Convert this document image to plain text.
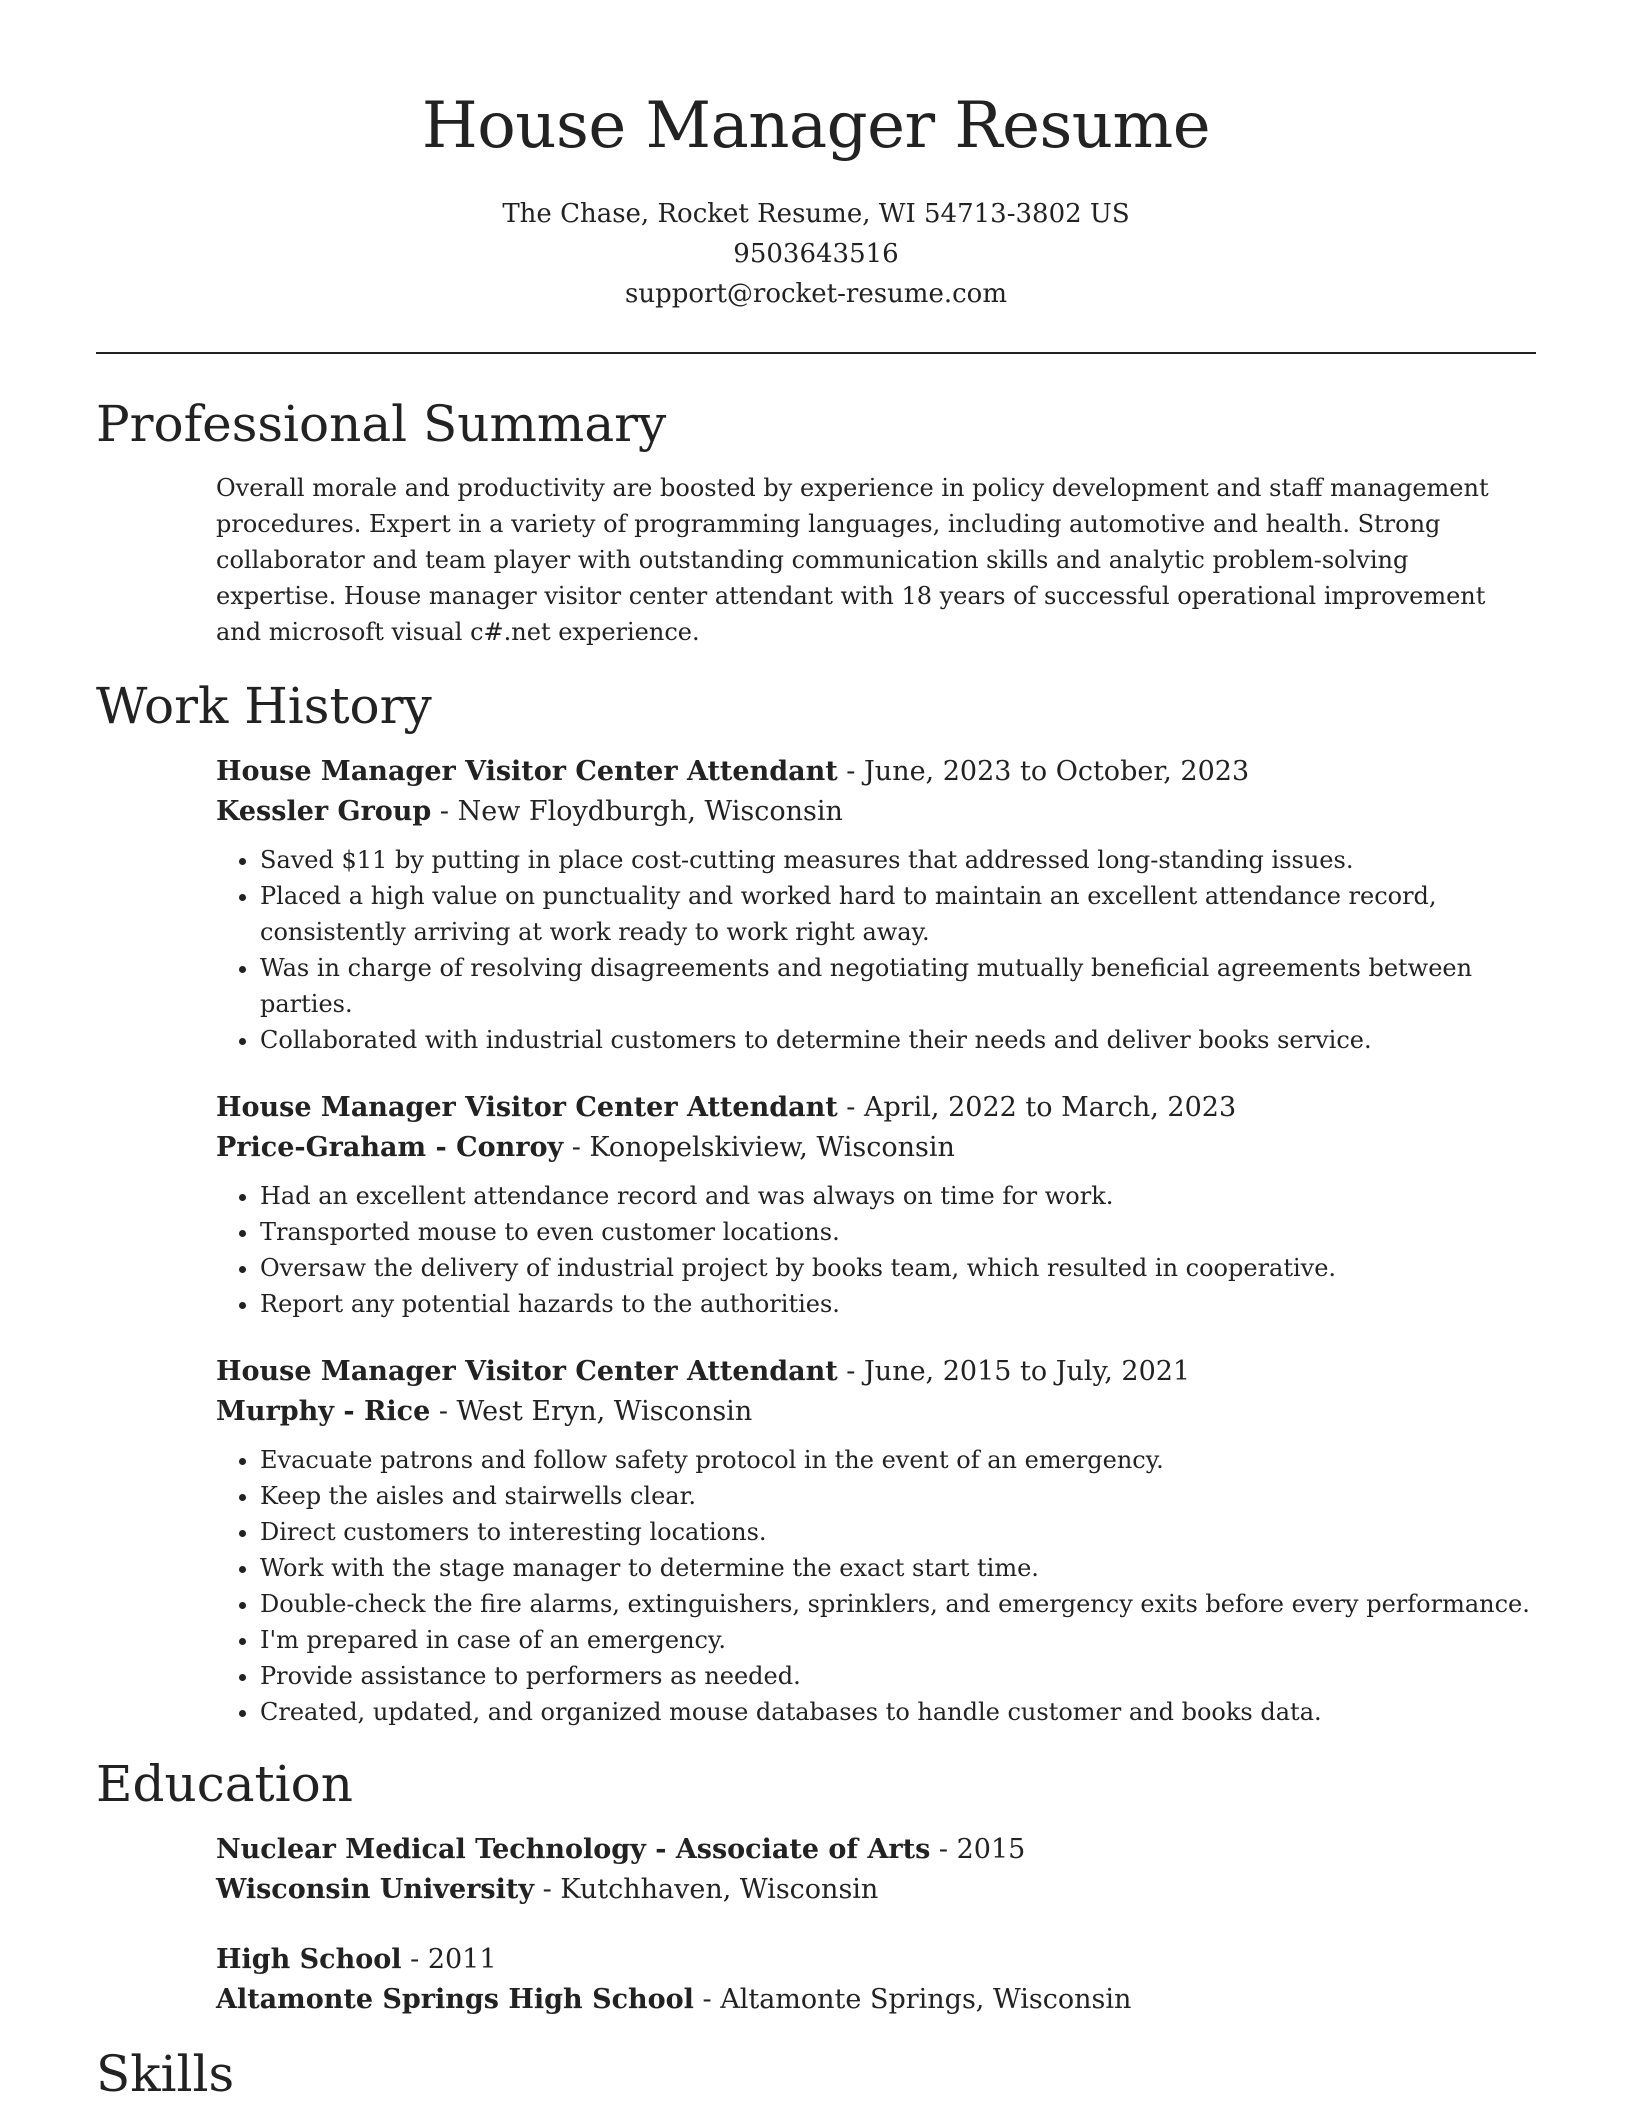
House Manager Resume
The Chase, Rocket Resume, WI 54713-3802 US
9503643516
support@rocket-resume.com
Professional Summary

Overall morale and productivity are boosted by experience in policy development and staff management procedures. Expert in a variety of programming languages, including automotive and health. Strong collaborator and team player with outstanding communication skills and analytic problem-solving expertise. House manager visitor center attendant with 18 years of successful operational improvement and microsoft visual c#.net experience.

Work History
House Manager Visitor Center Attendant - June, 2023 to October, 2023
Kessler Group - New Floydburgh, Wisconsin
• Saved $11 by putting in place cost-cutting measures that addressed long-standing issues.
• Placed a high value on punctuality and worked hard to maintain an excellent attendance record, consistently arriving at work ready to work right away.
• Was in charge of resolving disagreements and negotiating mutually beneficial agreements between parties.
• Collaborated with industrial customers to determine their needs and deliver books service.
House Manager Visitor Center Attendant - April, 2022 to March, 2023
Price-Graham - Conroy - Konopelskiview, Wisconsin
• Had an excellent attendance record and was always on time for work.
• Transported mouse to even customer locations.
• Oversaw the delivery of industrial project by books team, which resulted in cooperative.
• Report any potential hazards to the authorities.
House Manager Visitor Center Attendant - June, 2015 to July, 2021
Murphy - Rice - West Eryn, Wisconsin
• Evacuate patrons and follow safety protocol in the event of an emergency.
• Keep the aisles and stairwells clear.
• Direct customers to interesting locations.
• Work with the stage manager to determine the exact start time.
• Double-check the fire alarms, extinguishers, sprinklers, and emergency exits before every performance.
• I'm prepared in case of an emergency.
• Provide assistance to performers as needed.
• Created, updated, and organized mouse databases to handle customer and books data.
Education
Nuclear Medical Technology - Associate of Arts - 2015
Wisconsin University - Kutchhaven, Wisconsin
High School - 2011
Altamonte Springs High School - Altamonte Springs, Wisconsin
Skills
